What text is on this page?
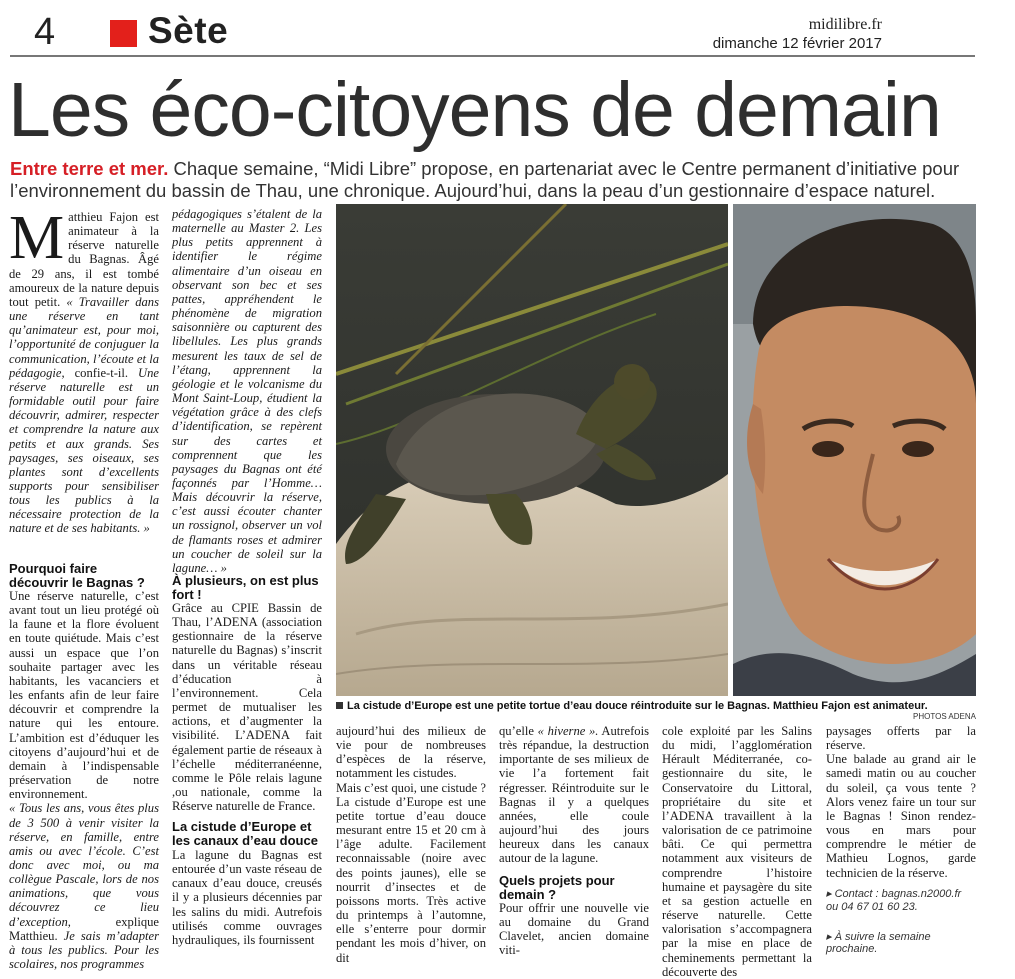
4	Sète	midilibre.fr
dimanche 12 février 2017
Les éco-citoyens de demain
Entre terre et mer. Chaque semaine, “Midi Libre” propose, en partenariat avec le Centre permanent d’initiative pour l’environnement du bassin de Thau, une chronique. Aujourd’hui, dans la peau d’un gestionnaire d’espace naturel.

Matthieu Fajon est animateur à la réserve naturelle du Bagnas. Âgé de 29 ans, il est tombé amoureux de la nature depuis tout petit. « Travailler dans une réserve en tant qu’animateur est, pour moi, l’opportunité de conjuguer la communication, l’écoute et la pédagogie, confie-t-il. Une réserve naturelle est un formidable outil pour faire découvrir, admirer, respecter et comprendre la nature aux petits et aux grands. Ses paysages, ses oiseaux, ses plantes sont d’excellents supports pour sensibiliser tous les publics à la nécessaire protection de la nature et de ses habitants. »

Pourquoi faire découvrir le Bagnas ?

Une réserve naturelle, c’est avant tout un lieu protégé où la faune et la flore évoluent en toute quiétude. Mais c’est aussi un espace que l’on souhaite partager avec les habitants, les vacanciers et les enfants afin de leur faire découvrir et comprendre la nature qui les entoure. L’ambition est d’éduquer les citoyens d’aujourd’hui et de demain à l’indispensable préservation de notre environnement.

« Tous les ans, vous êtes plus de 3 500 à venir visiter la réserve, en famille, entre amis ou avec l’école. C’est donc avec moi, ou ma collègue Pascale, lors de nos animations, que vous découvrez ce lieu d’exception, explique Matthieu. Je sais m’adapter à tous les publics. Pour les scolaires, nos programmes

pédagogiques s’étalent de la maternelle au Master 2. Les plus petits apprennent à identifier le régime alimentaire d’un oiseau en observant son bec et ses pattes, appréhendent le phénomène de migration saisonnière ou capturent des libellules. Les plus grands mesurent les taux de sel de l’étang, apprennent la géologie et le volcanisme du Mont Saint-Loup, étudient la végétation grâce à des clefs d’identification, se repèrent sur des cartes et comprennent que les paysages du Bagnas ont été façonnés par l’Homme… Mais découvrir la réserve, c’est aussi écouter chanter un rossignol, observer un vol de flamants roses et admirer un coucher de soleil sur la lagune… »

À plusieurs, on est plus fort !

Grâce au CPIE Bassin de Thau, l’ADENA (association gestionnaire de la réserve naturelle du Bagnas) s’inscrit dans un véritable réseau d’éducation à l’environnement. Cela permet de mutualiser les actions, et d’augmenter la visibilité. L’ADENA fait également partie de réseaux à l’échelle méditerranéenne, comme le Pôle relais lagune ,ou nationale, comme la Réserve naturelle de France.

La cistude d’Europe et les canaux d’eau douce

La lagune du Bagnas est entourée d’un vaste réseau de canaux d’eau douce, creusés il y a plusieurs décennies par les salins du midi. Autrefois utilisés comme ouvrages hydrauliques, ils fournissent

La cistude d’Europe est une petite tortue d’eau douce réintroduite sur le Bagnas. Matthieu Fajon est animateur.
PHOTOS ADENA

aujourd’hui des milieux de vie pour de nombreuses d’espèces de la réserve, notamment les cistudes.

Mais c’est quoi, une cistude ? La cistude d’Europe est une petite tortue d’eau douce mesurant entre 15 et 20 cm à l’âge adulte. Facilement reconnaissable (noire avec des points jaunes), elle se nourrit d’insectes et de poissons morts. Très active du printemps à l’automne, elle s’enterre pour dormir pendant les mois d’hiver, on dit

qu’elle « hiverne ». Autrefois très répandue, la destruction importante de ses milieux de vie l’a fortement fait régresser. Réintroduite sur le Bagnas il y a quelques années, elle coule aujourd’hui des jours heureux dans les canaux autour de la lagune.

Quels projets pour demain ?

Pour offrir une nouvelle vie au domaine du Grand Clavelet, ancien domaine viti-

cole exploité par les Salins du midi, l’agglomération Hérault Méditerranée, co-gestionnaire du site, le Conservatoire du Littoral, propriétaire du site et l’ADENA travaillent à la valorisation de ce patrimoine bâti. Ce qui permettra notamment aux visiteurs de comprendre l’histoire humaine et paysagère du site et sa gestion actuelle en réserve naturelle. Cette valorisation s’accompagnera par la mise en place de cheminements permettant la découverte des

paysages offerts par la réserve.

Une balade au grand air le samedi matin ou au coucher du soleil, ça vous tente ? Alors venez faire un tour sur le Bagnas ! Sinon rendez-vous en mars pour comprendre le métier de Mathieu Lognos, garde technicien de la réserve.

▸ Contact : bagnas.n2000.fr ou 04 67 01 60 23.
▸ À suivre la semaine prochaine.
